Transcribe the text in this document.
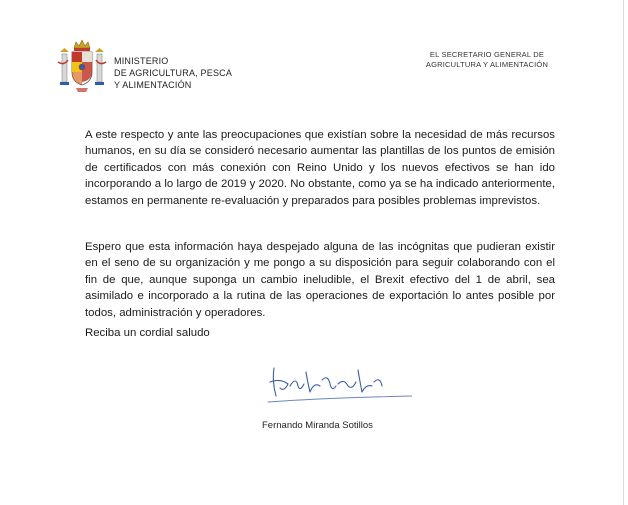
MINISTERIO
DE AGRICULTURA, PESCA
Y ALIMENTACIÓN
EL SECRETARIO GENERAL DE
AGRICULTURA Y ALIMENTACIÓN

A este respecto y ante las preocupaciones que existían sobre la necesidad de más recursos humanos, en su día se consideró necesario aumentar las plantillas de los puntos de emisión de certificados con más conexión con Reino Unido y los nuevos efectivos se han ido incorporando a lo largo de 2019 y 2020. No obstante, como ya se ha indicado anteriormente, estamos en permanente re-evaluación y preparados para posibles problemas imprevistos.

Espero que esta información haya despejado alguna de las incógnitas que pudieran existir en el seno de su organización y me pongo a su disposición para seguir colaborando con el fin de que, aunque suponga un cambio ineludible, el Brexit efectivo del 1 de abril, sea asimilado e incorporado a la rutina de las operaciones de exportación lo antes posible por todos, administración y operadores.

Reciba un cordial saludo
Fernando Miranda Sotillos
